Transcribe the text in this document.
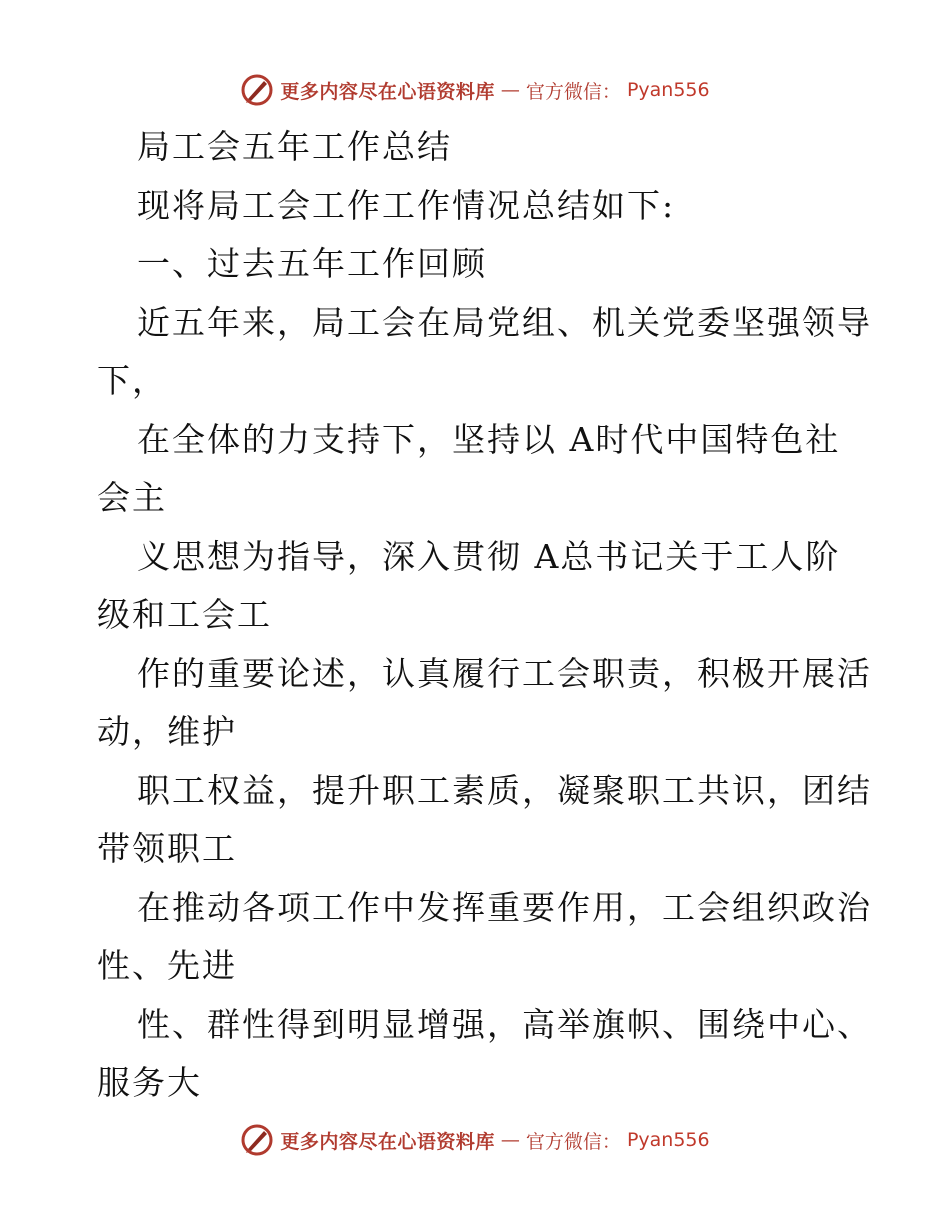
更多内容尽在心语资料库 — 官方微信： Pyan556
局工会五年工作总结
现将局工会工作工作情况总结如下:
一、过去五年工作回顾
近五年来，局工会在局党组、机关党委坚强领导
下，
在全体的力支持下，坚持以 A时代中国特色社
会主
义思想为指导，深入贯彻 A总书记关于工人阶
级和工会工
作的重要论述，认真履行工会职责，积极开展活
动，维护
职工权益，提升职工素质，凝聚职工共识，团结
带领职工
在推动各项工作中发挥重要作用，工会组织政治
性、先进
性、群性得到明显增强，高举旗帜、围绕中心、
服务大
更多内容尽在心语资料库 — 官方微信： Pyan556
